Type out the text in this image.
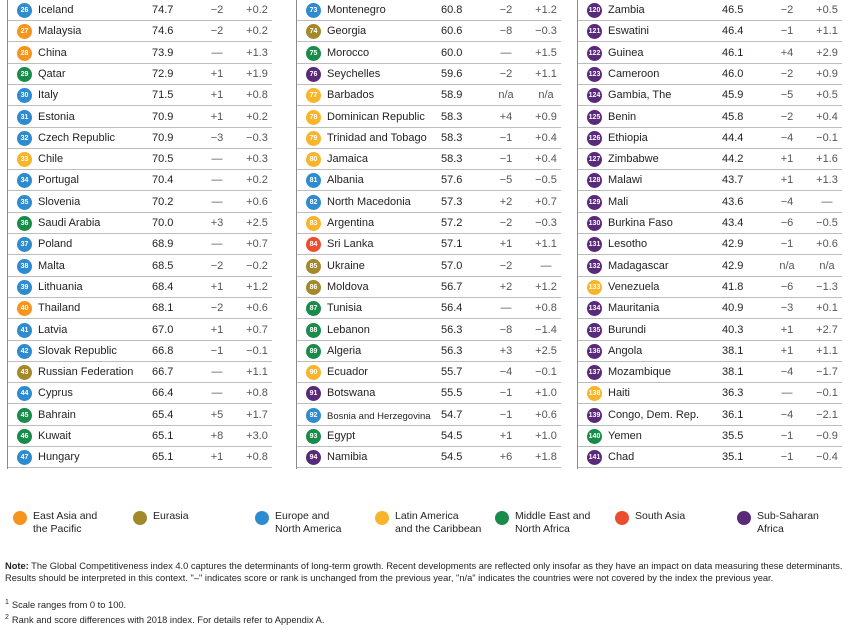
26 Iceland	74.7	−2	+0.2
27 Malaysia	74.6	−2	+0.2
28 China	73.9	—	+1.3
29 Qatar	72.9	+1	+1.9
30 Italy	71.5	+1	+0.8
31 Estonia	70.9	+1	+0.2
32 Czech Republic	70.9	−3	−0.3
33 Chile	70.5	—	+0.3
34 Portugal	70.4	—	+0.2
35 Slovenia	70.2	—	+0.6
36 Saudi Arabia	70.0	+3	+2.5
37 Poland	68.9	—	+0.7
38 Malta	68.5	−2	−0.2
39 Lithuania	68.4	+1	+1.2
40 Thailand	68.1	−2	+0.6
41 Latvia	67.0	+1	+0.7
42 Slovak Republic	66.8	−1	−0.1
43 Russian Federation 66.7	—	+1.1
44 Cyprus	66.4	—	+0.8
45 Bahrain	65.4	+5	+1.7
46 Kuwait	65.1	+8	+3.0
47 Hungary	65.1	+1	+0.8
73 Montenegro	60.8	−2	+1.2
74 Georgia	60.6	−8	−0.3
75 Morocco	60.0	—	+1.5
76 Seychelles	59.6	−2	+1.1
77 Barbados	58.9	n/a	n/a
78 Dominican Republic 58.3	+4	+0.9
79 Trinidad and Tobago 58.3	−1	+0.4
80 Jamaica	58.3	−1	+0.4
81 Albania	57.6	−5	−0.5
82 North Macedonia	57.3	+2	+0.7
83 Argentina	57.2	−2	−0.3
84 Sri Lanka	57.1	+1	+1.1
85 Ukraine	57.0	−2	—
86 Moldova	56.7	+2	+1.2
87 Tunisia	56.4	—	+0.8
88 Lebanon	56.3	−8	−1.4
89 Algeria	56.3	+3	+2.5
90 Ecuador	55.7	−4	−0.1
91 Botswana	55.5	−1	+1.0
92	Bosnia and Herzegovina 54.7	−1	+0.6
93 Egypt	54.5	+1	+1.0
94 Namibia	54.5	+6	+1.8
120 Zambia	46.5	−2	+0.5
121 Eswatini	46.4	−1	+1.1
122 Guinea	46.1	+4	+2.9
123 Cameroon	46.0	−2	+0.9
124 Gambia, The	45.9	−5	+0.5
125 Benin	45.8	−2	+0.4
126 Ethiopia	44.4	−4	−0.1
127 Zimbabwe	44.2	+1	+1.6
128 Malawi	43.7	+1	+1.3
129 Mali	43.6	−4	—
130 Burkina Faso	43.4	−6	−0.5
131 Lesotho	42.9	−1	+0.6
132 Madagascar	42.9	n/a	n/a
133 Venezuela	41.8	−6	−1.3
134 Mauritania	40.9	−3	+0.1
135 Burundi	40.3	+1	+2.7
136 Angola	38.1	+1	+1.1
137 Mozambique	38.1	−4	−1.7
138 Haiti	36.3	—	−0.1
139 Congo, Dem. Rep. 36.1	−4	−2.1
140 Yemen	35.5	−1	−0.9
141 Chad	35.1	−1	−0.4
East Asia and
the Pacific
Eurasia	Europe and
North America
Latin America
and the Caribbean
Middle East and
North Africa
South Asia	Sub-Saharan
Africa
Note: The Global Competitiveness index 4.0 captures the determinants of long-term growth. Recent developments are reflected only insofar as they have an impact on data measuring these determinants. Results should be interpreted in this context. "–" indicates score or rank is unchanged from the previous year, "n/a" indicates the countries were not covered by the index the previous year.
$^1$ Scale ranges from 0 to 100.
$^2$ Rank and score differences with 2018 index. For details refer to Appendix A.
